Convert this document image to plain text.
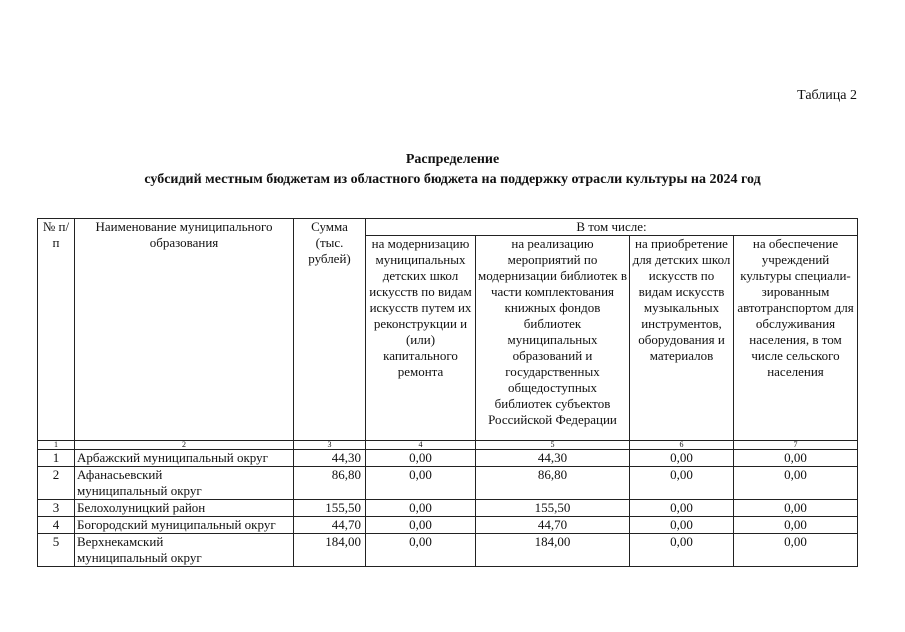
Таблица 2
Распределение
субсидий местным бюджетам из областного бюджета на поддержку отрасли культуры на 2024 год
№ п/п	Наименование муниципального образования	Сумма (тыс. рублей)	В том числе:			
			на модернизацию муниципальных детских школ искусств по видам искусств путем их реконструкции и (или) капитального ремонта	на реализацию мероприятий по модернизации библиотек в части комплектования книжных фондов библиотек муниципальных образований и государственных общедоступных библиотек субъектов Российской Федерации	на приобретение для детских школ искусств по видам искусств музыкальных инструментов, оборудования и материалов	на обеспечение учреждений культуры специали-зированным автотранспортом для обслуживания населения, в том числе сельского населения
1	2	3	4	5	6	7
1	Арбажский муниципальный округ	44,30	0,00	44,30	0,00	0,00
2	Афанасьевский муниципальный округ	86,80	0,00	86,80	0,00	0,00
3	Белохолуницкий район	155,50	0,00	155,50	0,00	0,00
4	Богородский муниципальный округ	44,70	0,00	44,70	0,00	0,00
5	Верхнекамский муниципальный округ	184,00	0,00	184,00	0,00	0,00
